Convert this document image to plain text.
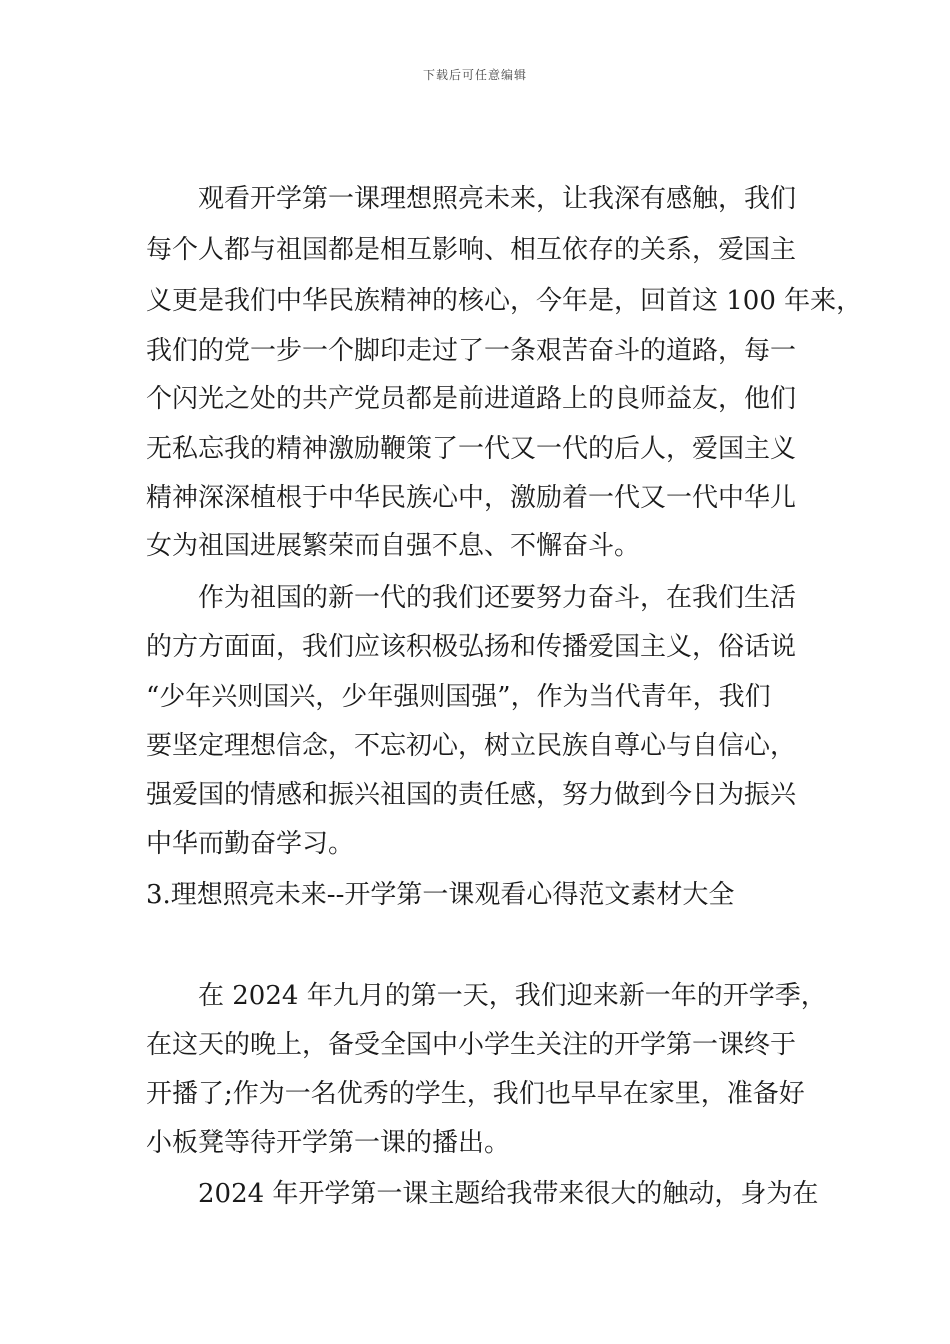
下载后可任意编辑
观看开学第一课理想照亮未来，让我深有感触，我们
每个人都与祖国都是相互影响、相互依存的关系，爱国主
义更是我们中华民族精神的核心，今年是，回首这 100 年来，
我们的党一步一个脚印走过了一条艰苦奋斗的道路，每一
个闪光之处的共产党员都是前进道路上的良师益友，他们
无私忘我的精神激励鞭策了一代又一代的后人，爱国主义
精神深深植根于中华民族心中，激励着一代又一代中华儿
女为祖国进展繁荣而自强不息、不懈奋斗。
作为祖国的新一代的我们还要努力奋斗，在我们生活
的方方面面，我们应该积极弘扬和传播爱国主义，俗话说
“少年兴则国兴，少年强则国强”，作为当代青年，我们
要坚定理想信念，不忘初心，树立民族自尊心与自信心，
强爱国的情感和振兴祖国的责任感，努力做到今日为振兴
中华而勤奋学习。
3.理想照亮未来--开学第一课观看心得范文素材大全
在 2024 年九月的第一天，我们迎来新一年的开学季，
在这天的晚上，备受全国中小学生关注的开学第一课终于
开播了;作为一名优秀的学生，我们也早早在家里，准备好
小板凳等待开学第一课的播出。
2024 年开学第一课主题给我带来很大的触动，身为在
